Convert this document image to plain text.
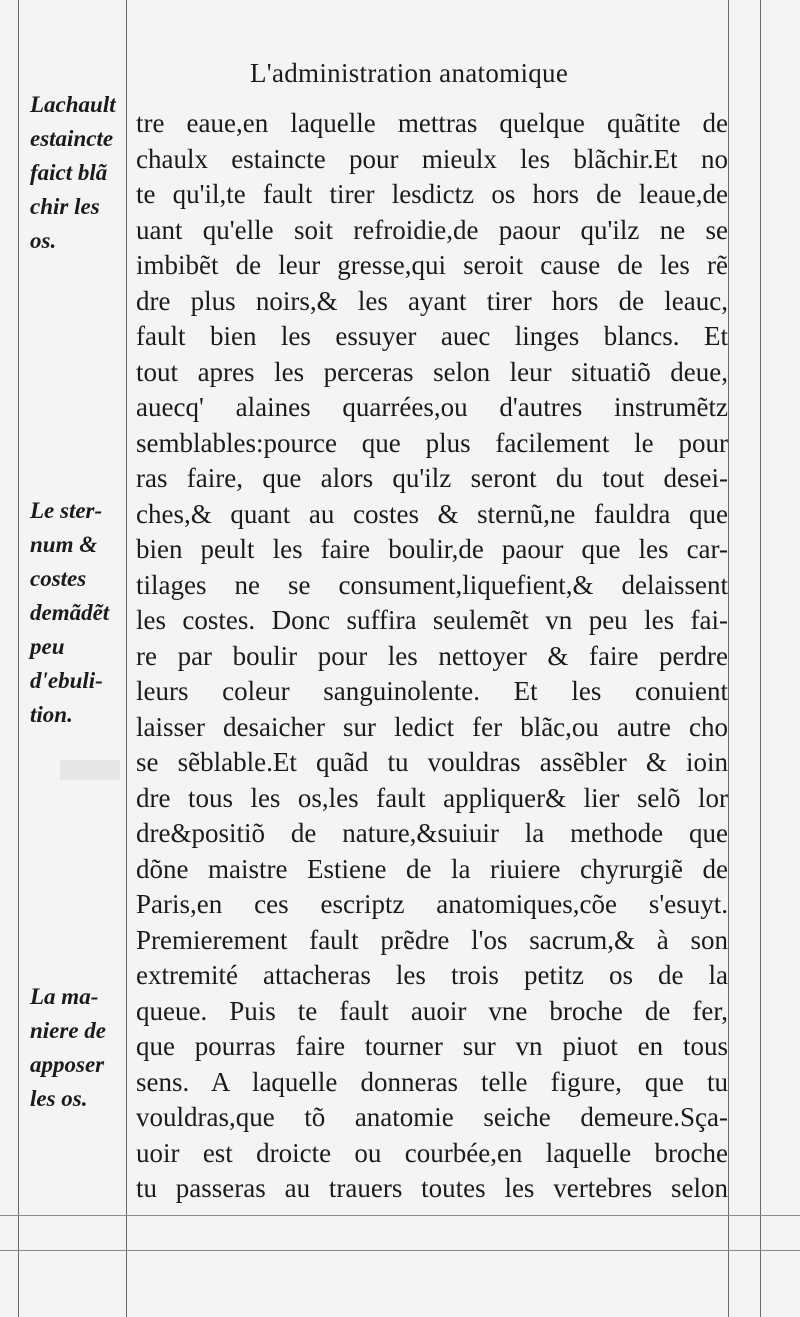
L'administration anatomique
Lachault
estaincte
faict blã
chir les
os.
Le ster-
num &
costes
demãdẽt
peu
d'ebuli-
tion.
La ma-
niere de
apposer
les os.
tre eaue,en laquelle mettras quelque quãtite de
chaulx estaincte pour mieulx les blãchir.Et no
te qu'il,te fault tirer lesdictz os hors de leaue,de
uant qu'elle soit refroidie,de paour qu'ilz ne se
imbibẽt de leur gresse,qui seroit cause de les rẽ
dre plus noirs,& les ayant tirer hors de leauc,
fault bien les essuyer auec linges blancs. Et
tout apres les perceras selon leur situatiõ deue,
auecq' alaines quarrées,ou d'autres instrumẽtz
semblables:pource que plus facilement le pour
ras faire, que alors qu'ilz seront du tout desei-
ches,& quant au costes & sternũ,ne fauldra que
bien peult les faire boulir,de paour que les car-
tilages ne se consument,liquefient,& delaissent
les costes. Donc suffira seulemẽt vn peu les fai-
re par boulir pour les nettoyer & faire perdre
leurs coleur sanguinolente. Et les conuient
laisser desaicher sur ledict fer blãc,ou autre cho
se sẽblable.Et quãd tu vouldras assẽbler & ioin
dre tous les os,les fault appliquer& lier selõ lor
dre&positiõ de nature,&suiuir la methode que
dõne maistre Estiene de la riuiere chyrurgiẽ de
Paris,en ces escriptz anatomiques,cõe s'esuyt.
Premierement fault prẽdre l'os sacrum,& à son
extremité attacheras les trois petitz os de la
queue. Puis te fault auoir vne broche de fer,
que pourras faire tourner sur vn piuot en tous
sens. A laquelle donneras telle figure, que tu
vouldras,que tõ anatomie seiche demeure.Sça-
uoir est droicte ou courbée,en laquelle broche
tu passeras au trauers toutes les vertebres selon
